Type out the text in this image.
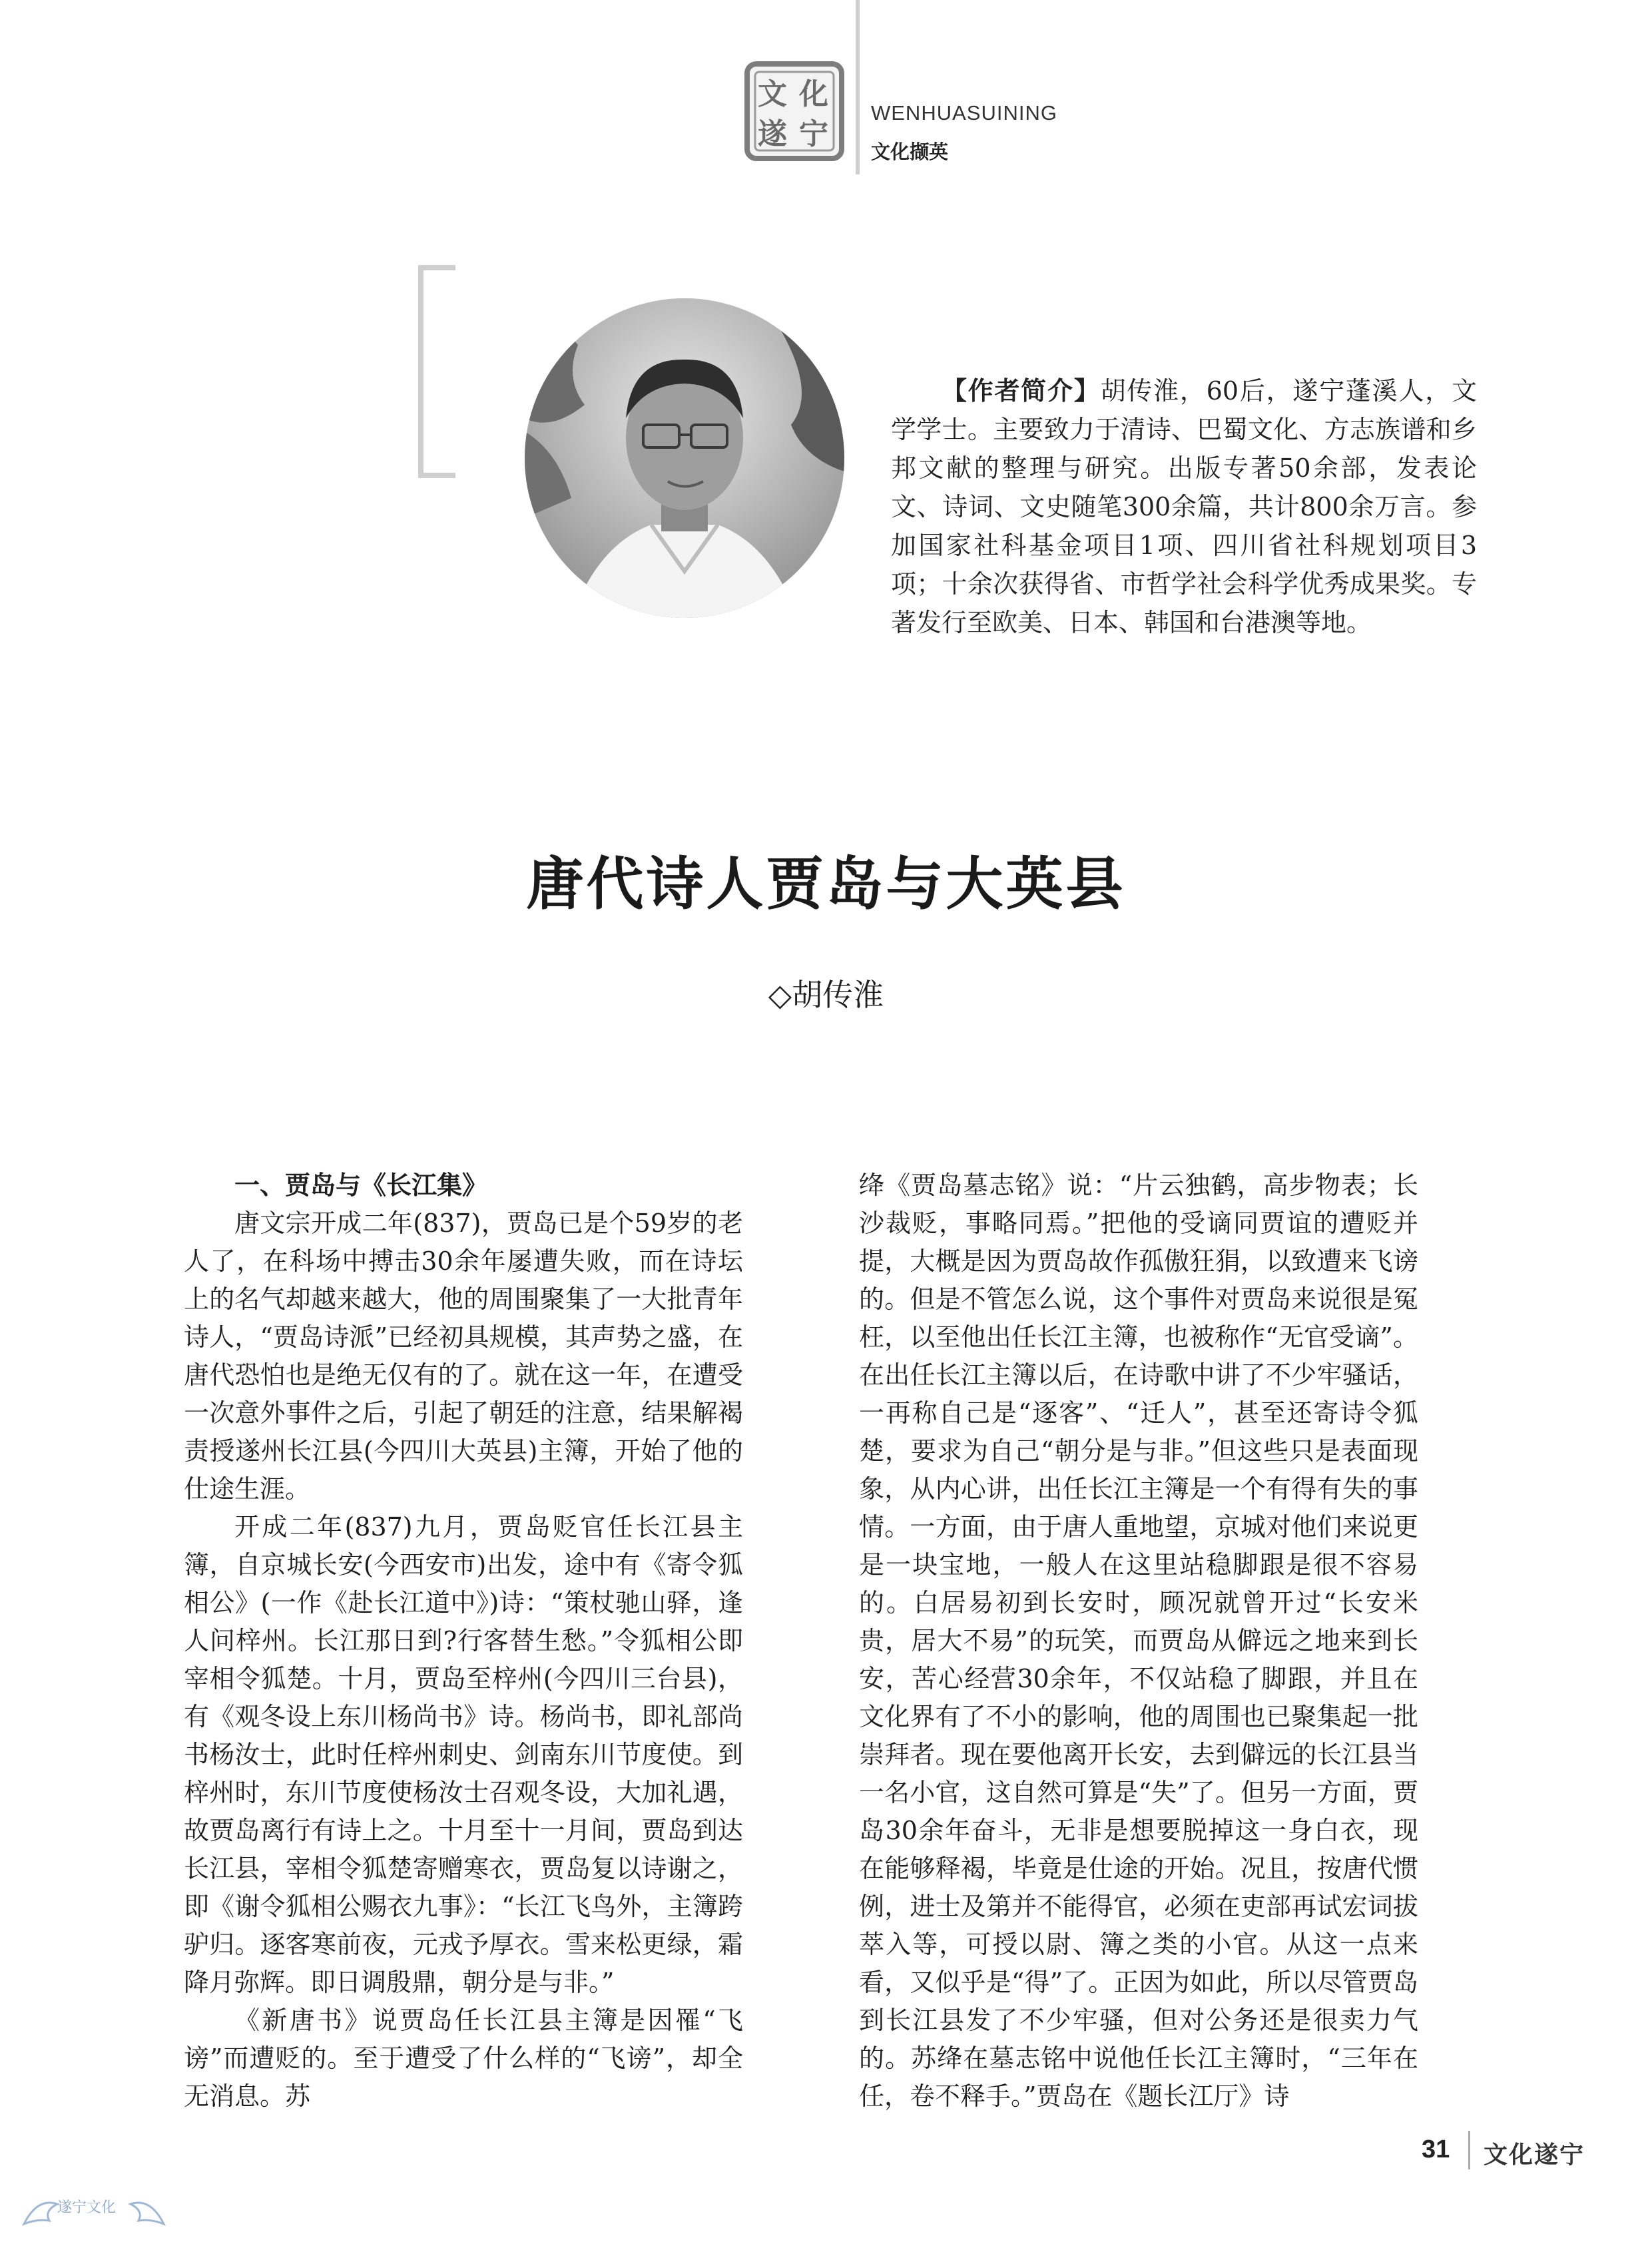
文 化
遂 宁
WENHUASUINING
文化撷英
【作者简介】胡传淮，60后，遂宁蓬溪人，文学学士。主要致力于清诗、巴蜀文化、方志族谱和乡邦文献的整理与研究。出版专著50余部，发表论文、诗词、文史随笔300余篇，共计800余万言。参加国家社科基金项目1项、四川省社科规划项目3项；十余次获得省、市哲学社会科学优秀成果奖。专著发行至欧美、日本、韩国和台港澳等地。
唐代诗人贾岛与大英县
◇胡传淮
一、贾岛与《长江集》

唐文宗开成二年(837)，贾岛已是个59岁的老人了，在科场中搏击30余年屡遭失败，而在诗坛上的名气却越来越大，他的周围聚集了一大批青年诗人，“贾岛诗派”已经初具规模，其声势之盛，在唐代恐怕也是绝无仅有的了。就在这一年，在遭受一次意外事件之后，引起了朝廷的注意，结果解褐责授遂州长江县(今四川大英县)主簿，开始了他的仕途生涯。

开成二年(837)九月，贾岛贬官任长江县主簿，自京城长安(今西安市)出发，途中有《寄令狐相公》(一作《赴长江道中》)诗：“策杖驰山驿，逢人问梓州。长江那日到?行客替生愁。”令狐相公即宰相令狐楚。十月，贾岛至梓州(今四川三台县)，有《观冬设上东川杨尚书》诗。杨尚书，即礼部尚书杨汝士，此时任梓州刺史、剑南东川节度使。到梓州时，东川节度使杨汝士召观冬设，大加礼遇，故贾岛离行有诗上之。十月至十一月间，贾岛到达长江县，宰相令狐楚寄赠寒衣，贾岛复以诗谢之，即《谢令狐相公赐衣九事》：“长江飞鸟外，主簿跨驴归。逐客寒前夜，元戎予厚衣。雪来松更绿，霜降月弥辉。即日调殷鼎，朝分是与非。”

《新唐书》说贾岛任长江县主簿是因罹“飞谤”而遭贬的。至于遭受了什么样的“飞谤”，却全无消息。苏

绛《贾岛墓志铭》说：“片云独鹤，高步物表；长沙裁贬，事略同焉。”把他的受谪同贾谊的遭贬并提，大概是因为贾岛故作孤傲狂狷，以致遭来飞谤的。但是不管怎么说，这个事件对贾岛来说很是冤枉，以至他出任长江主簿，也被称作“无官受谪”。在出任长江主簿以后，在诗歌中讲了不少牢骚话，一再称自己是“逐客”、“迁人”，甚至还寄诗令狐楚，要求为自己“朝分是与非。”但这些只是表面现象，从内心讲，出任长江主簿是一个有得有失的事情。一方面，由于唐人重地望，京城对他们来说更是一块宝地，一般人在这里站稳脚跟是很不容易的。白居易初到长安时，顾况就曾开过“长安米贵，居大不易”的玩笑，而贾岛从僻远之地来到长安，苦心经营30余年，不仅站稳了脚跟，并且在文化界有了不小的影响，他的周围也已聚集起一批崇拜者。现在要他离开长安，去到僻远的长江县当一名小官，这自然可算是“失”了。但另一方面，贾岛30余年奋斗，无非是想要脱掉这一身白衣，现在能够释褐，毕竟是仕途的开始。况且，按唐代惯例，进士及第并不能得官，必须在吏部再试宏词拔萃入等，可授以尉、簿之类的小官。从这一点来看，又似乎是“得”了。正因为如此，所以尽管贾岛到长江县发了不少牢骚，但对公务还是很卖力气的。苏绛在墓志铭中说他任长江主簿时，“三年在任，卷不释手。”贾岛在《题长江厅》诗

31 文化遂宁
遂宁文化
